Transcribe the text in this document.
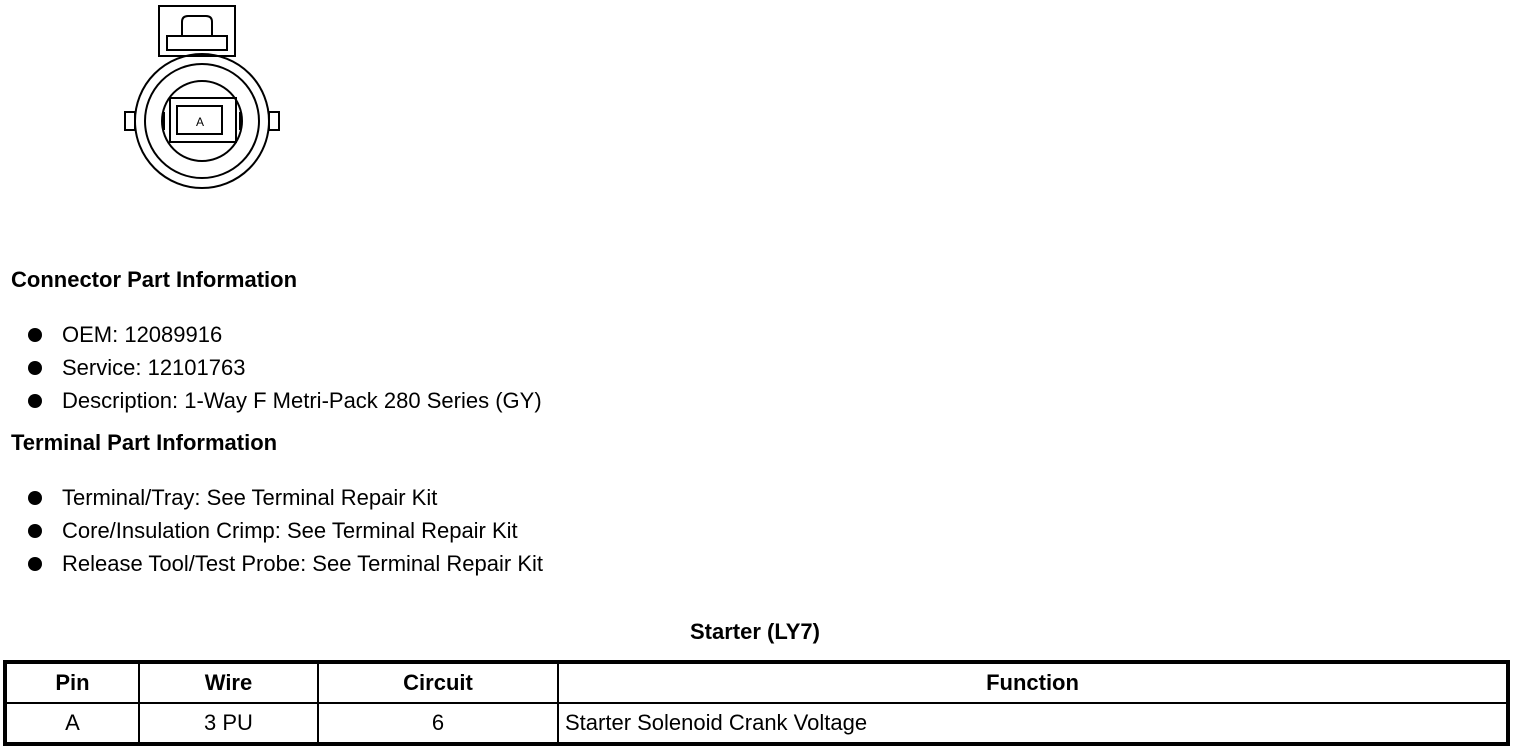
A
Connector Part Information
OEM: 12089916
Service: 12101763
Description: 1-Way F Metri-Pack 280 Series (GY)
Terminal Part Information
Terminal/Tray: See Terminal Repair Kit
Core/Insulation Crimp: See Terminal Repair Kit
Release Tool/Test Probe: See Terminal Repair Kit
Starter (LY7)
Pin	Wire	Circuit	Function
A	3 PU	6	Starter Solenoid Crank Voltage
